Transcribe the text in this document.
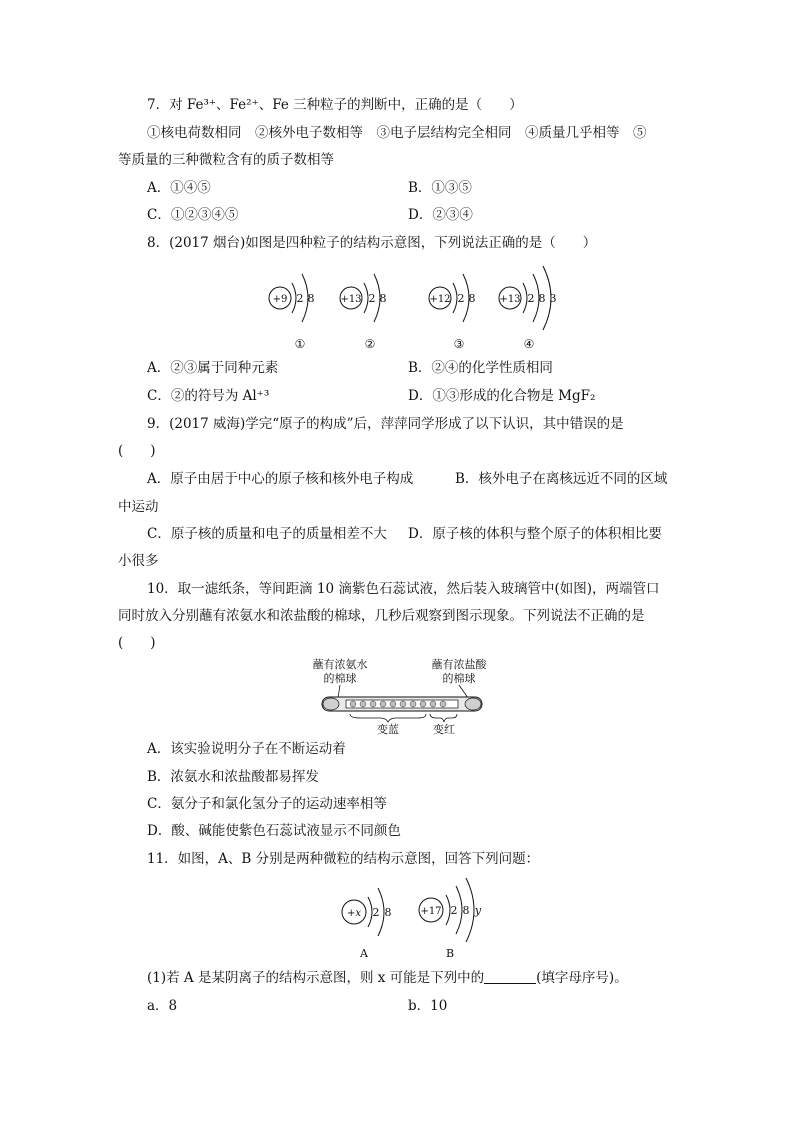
7．对 Fe³⁺、Fe²⁺、Fe 三种粒子的判断中，正确的是（　　）
①核电荷数相同　②核外电子数相等　③电子层结构完全相同　④质量几乎相等　⑤
等质量的三种微粒含有的质子数相等
A．①④⑤	B．①③⑤
C．①②③④⑤	D．②③④
8．(2017 烟台)如图是四种粒子的结构示意图，下列说法正确的是（　　）
+9 2 8
①
+13 2 8
②
+12 2 8
③
+13 2 8 3
④
A．②③属于同种元素	B．②④的化学性质相同
C．②的符号为 Al⁺³	D．①③形成的化合物是 MgF₂
9．(2017 威海)学完“原子的构成”后，萍萍同学形成了以下认识，其中错误的是
(　　)
A．原子由居于中心的原子核和核外电子构成	B．核外电子在离核远近不同的区域
中运动
C．原子核的质量和电子的质量相差不大 D．原子核的体积与整个原子的体积相比要
小很多
10．取一滤纸条，等间距滴 10 滴紫色石蕊试液，然后装入玻璃管中(如图)，两端管口
同时放入分别蘸有浓氨水和浓盐酸的棉球，几秒后观察到图示现象。下列说法不正确的是
(　　)
蘸有浓氨水
的棉球
蘸有浓盐酸
的棉球
变蓝	变红
A．该实验说明分子在不断运动着
B．浓氨水和浓盐酸都易挥发
C．氨分子和氯化氢分子的运动速率相等
D．酸、碱能使紫色石蕊试液显示不同颜色
11．如图，A、B 分别是两种微粒的结构示意图，回答下列问题：
+x 2 8
A
+17 2 8 y
B
(1)若 A 是某阴离子的结构示意图，则 x 可能是下列中的	(填字母序号)。
a．8	b．10
